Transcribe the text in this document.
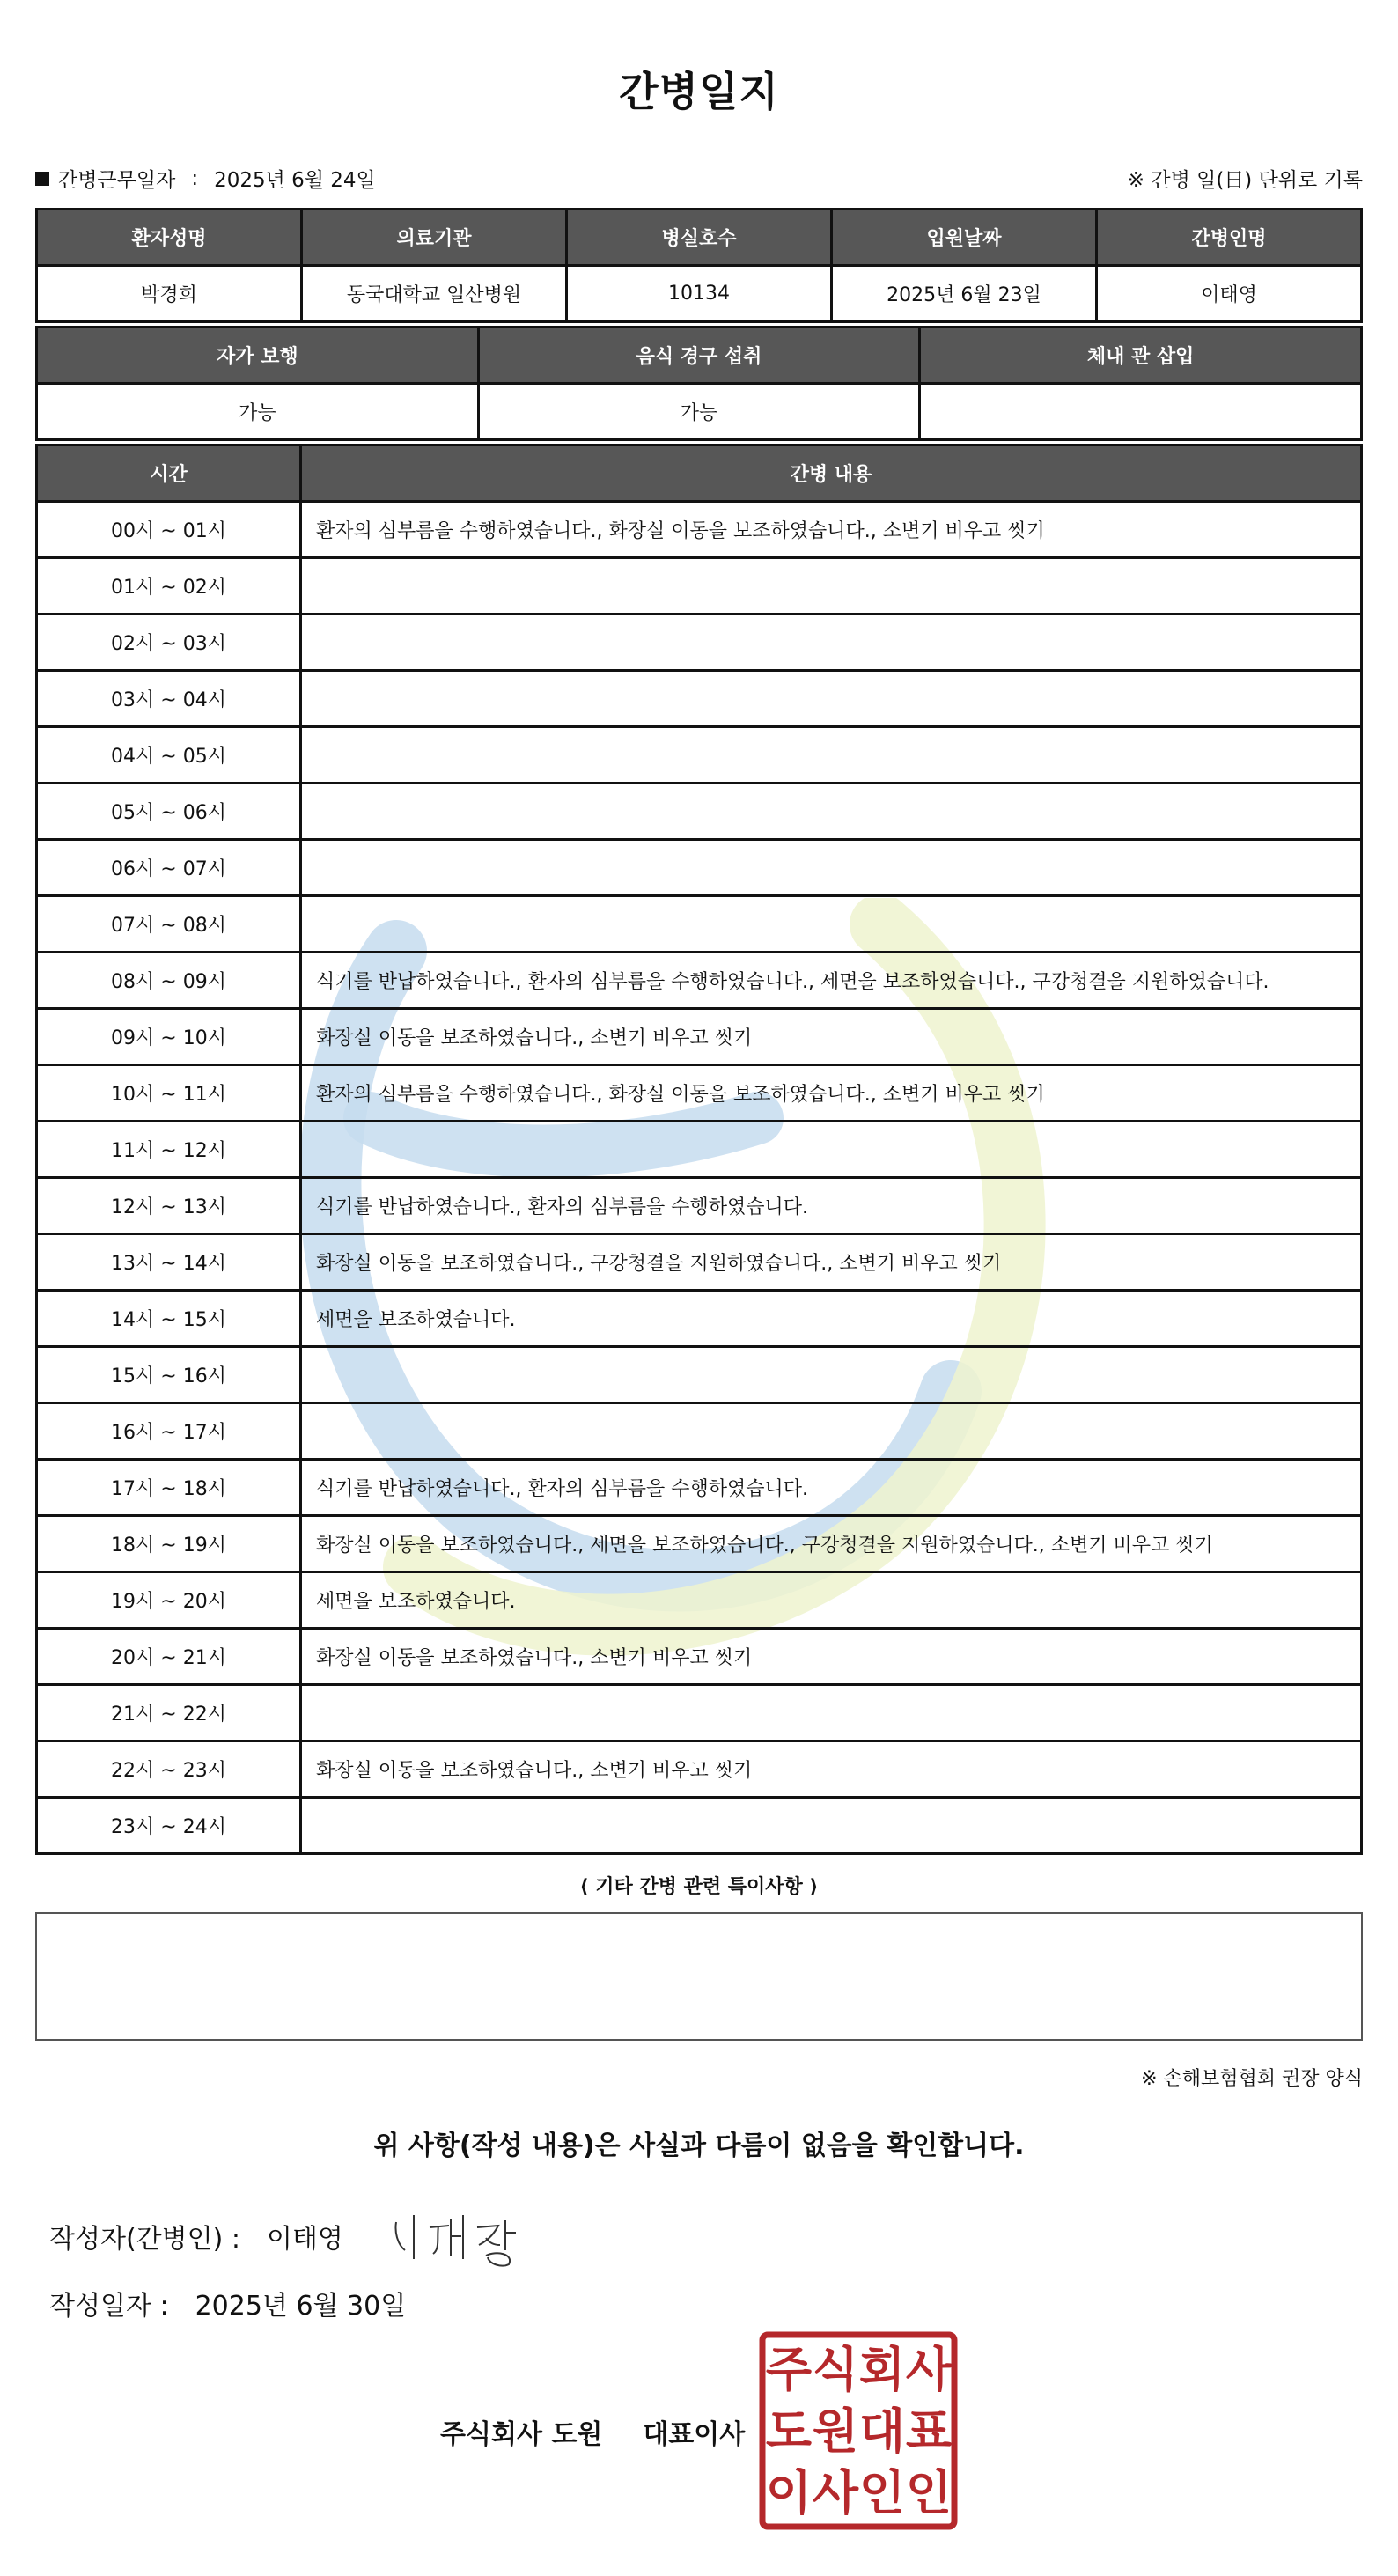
간병일지
간병근무일자 : 2025년 6월 24일	※ 간병 일(日) 단위로 기록
환자성명	의료기관	병실호수	입원날짜	간병인명
박경희	동국대학교 일산병원	10134	2025년 6월 23일	이태영
자가 보행	음식 경구 섭취	체내 관 삽입
가능	가능	
시간	간병 내용
00시 ~ 01시	환자의 심부름을 수행하였습니다., 화장실 이동을 보조하였습니다., 소변기 비우고 씻기
01시 ~ 02시	
02시 ~ 03시	
03시 ~ 04시	
04시 ~ 05시	
05시 ~ 06시	
06시 ~ 07시	
07시 ~ 08시	
08시 ~ 09시	식기를 반납하였습니다., 환자의 심부름을 수행하였습니다., 세면을 보조하였습니다., 구강청결을 지원하였습니다.
09시 ~ 10시	화장실 이동을 보조하였습니다., 소변기 비우고 씻기
10시 ~ 11시	환자의 심부름을 수행하였습니다., 화장실 이동을 보조하였습니다., 소변기 비우고 씻기
11시 ~ 12시	
12시 ~ 13시	식기를 반납하였습니다., 환자의 심부름을 수행하였습니다.
13시 ~ 14시	화장실 이동을 보조하였습니다., 구강청결을 지원하였습니다., 소변기 비우고 씻기
14시 ~ 15시	세면을 보조하였습니다.
15시 ~ 16시	
16시 ~ 17시	
17시 ~ 18시	식기를 반납하였습니다., 환자의 심부름을 수행하였습니다.
18시 ~ 19시	화장실 이동을 보조하였습니다., 세면을 보조하였습니다., 구강청결을 지원하였습니다., 소변기 비우고 씻기
19시 ~ 20시	세면을 보조하였습니다.
20시 ~ 21시	화장실 이동을 보조하였습니다., 소변기 비우고 씻기
21시 ~ 22시	
22시 ~ 23시	화장실 이동을 보조하였습니다., 소변기 비우고 씻기
23시 ~ 24시	
⟨ 기타 간병 관련 특이사항 ⟩
※ 손해보험협회 권장 양식
위 사항(작성 내용)은 사실과 다름이 없음을 확인합니다.
작성자(간병인) : 이태영
작성일자 : 2025년 6월 30일
주식회사 도원 대표이사
주 식 회 사
도 원 대 표
이 사 인 인
